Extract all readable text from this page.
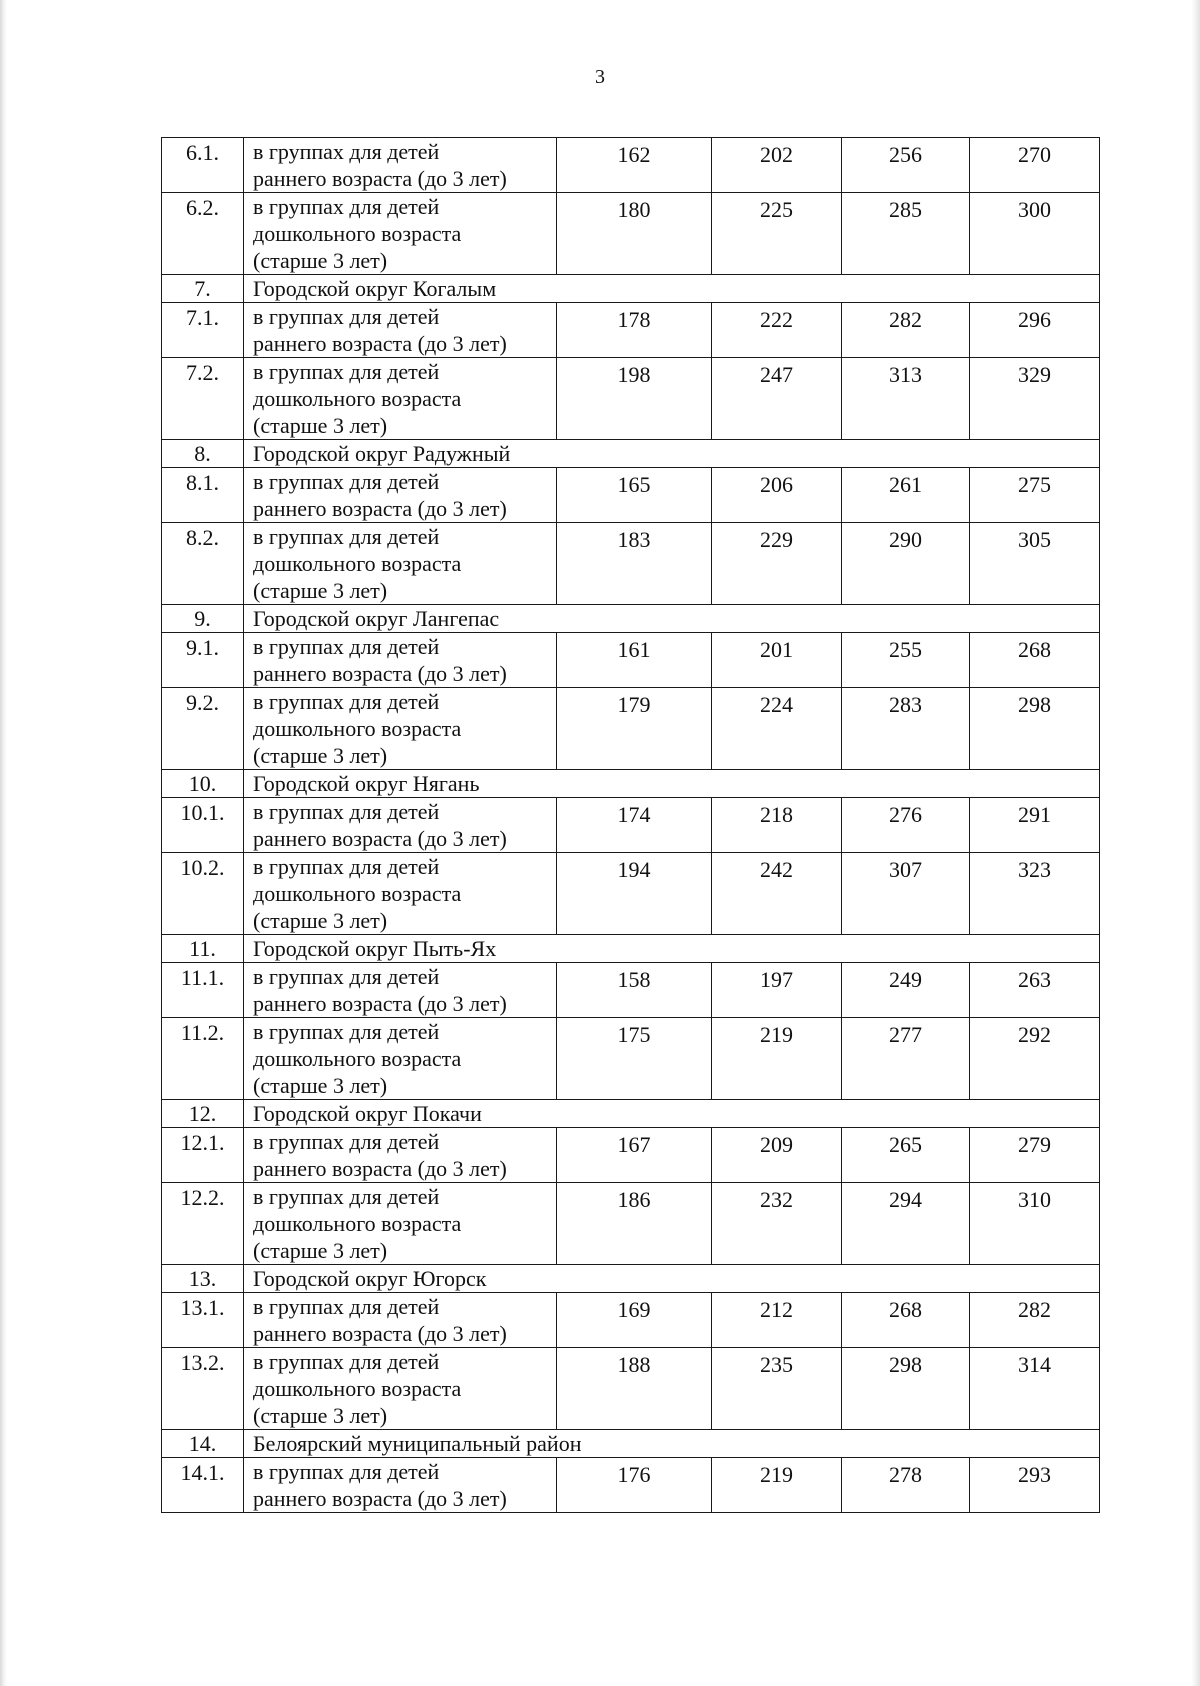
3
6.1.	в группах для детей
раннего возраста (до 3 лет)	162	202	256	270
6.2.	в группах для детей
дошкольного возраста
(старше 3 лет)	180	225	285	300
7.	Городской округ Когалым				
7.1.	в группах для детей
раннего возраста (до 3 лет)	178	222	282	296
7.2.	в группах для детей
дошкольного возраста
(старше 3 лет)	198	247	313	329
8.	Городской округ Радужный				
8.1.	в группах для детей
раннего возраста (до 3 лет)	165	206	261	275
8.2.	в группах для детей
дошкольного возраста
(старше 3 лет)	183	229	290	305
9.	Городской округ Лангепас				
9.1.	в группах для детей
раннего возраста (до 3 лет)	161	201	255	268
9.2.	в группах для детей
дошкольного возраста
(старше 3 лет)	179	224	283	298
10.	Городской округ Нягань				
10.1.	в группах для детей
раннего возраста (до 3 лет)	174	218	276	291
10.2.	в группах для детей
дошкольного возраста
(старше 3 лет)	194	242	307	323
11.	Городской округ Пыть-Ях				
11.1.	в группах для детей
раннего возраста (до 3 лет)	158	197	249	263
11.2.	в группах для детей
дошкольного возраста
(старше 3 лет)	175	219	277	292
12.	Городской округ Покачи				
12.1.	в группах для детей
раннего возраста (до 3 лет)	167	209	265	279
12.2.	в группах для детей
дошкольного возраста
(старше 3 лет)	186	232	294	310
13.	Городской округ Югорск				
13.1.	в группах для детей
раннего возраста (до 3 лет)	169	212	268	282
13.2.	в группах для детей
дошкольного возраста
(старше 3 лет)	188	235	298	314
14.	Белоярский муниципальный район				
14.1.	в группах для детей
раннего возраста (до 3 лет)	176	219	278	293
